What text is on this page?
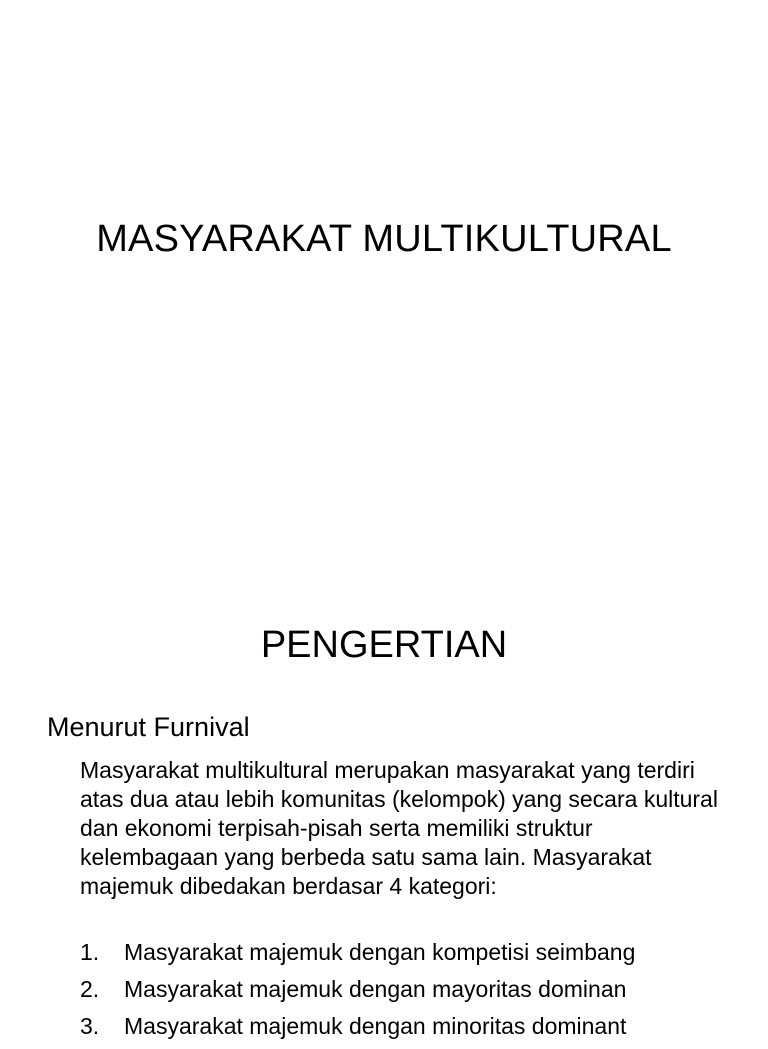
MASYARAKAT MULTIKULTURAL
PENGERTIAN
Menurut Furnival

Masyarakat multikultural merupakan masyarakat yang terdiri atas dua atau lebih komunitas (kelompok) yang secara kultural dan ekonomi terpisah-pisah serta memiliki struktur kelembagaan yang berbeda satu sama lain. Masyarakat majemuk dibedakan berdasar 4 kategori:

1.	Masyarakat majemuk dengan kompetisi seimbang
2.	Masyarakat majemuk dengan mayoritas dominan
3.	Masyarakat majemuk dengan minoritas dominant
